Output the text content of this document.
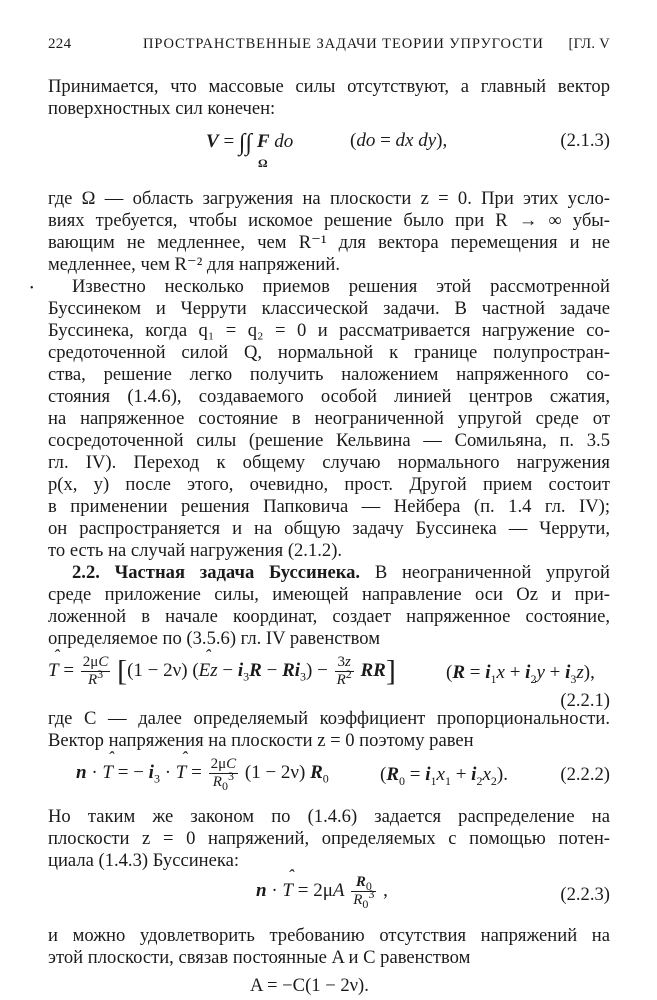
224	ПРОСТРАНСТВЕННЫЕ ЗАДАЧИ ТЕОРИИ УПРУГОСТИ [ГЛ. V
Принимается, что массовые силы отсутствуют, а главный вектор
поверхностных сил конечен:
V = ∫∫ F do
Ω
(do = dx dy),	(2.1.3)
где Ω — область загружения на плоскости z = 0. При этих усло-
виях требуется, чтобы искомое решение было при R → ∞ убы-
вающим не медленнее, чем R⁻¹ для вектора перемещения и не
медленнее, чем R⁻² для напряжений.
•	Известно несколько приемов решения этой рассмотренной
Буссинеком и Черрути классической задачи. В частной задаче
Буссинека, когда q₁ = q₂ = 0 и рассматривается нагружение со-
средоточенной силой Q, нормальной к границе полупростран-
ства, решение легко получить наложением напряженного со-
стояния (1.4.6), создаваемого особой линией центров сжатия,
на напряженное состояние в неограниченной упругой среде от
сосредоточенной силы (решение Кельвина — Сомильяна, п. 3.5
гл. IV). Переход к общему случаю нормального нагружения
p(x, y) после этого, очевидно, прост. Другой прием состоит
в применении решения Папковича — Нейбера (п. 1.4 гл. IV);
он распространяется и на общую задачу Буссинека — Черрути,
то есть на случай нагружения (2.1.2).
2.2. Частная задача Буссинека. В неограниченной упругой
среде приложение силы, имеющей направление оси Oz и при-
ложенной в начале координат, создает напряженное состояние,
определяемое по (3.5.6) гл. IV равенством
̂ $T = \frac{2\mu C}{R^3} [(1 - 2\nu)$ (̂ $Ez - i_3R - Ri_3) - \frac{3z}{R^2} RR$]	$(R = i_1x + i_2y + i_3z)$,
(2.2.1)
где C — далее определяемый коэффициент пропорциональности.
Вектор напряжения на плоскости z = 0 поэтому равен
n · ̂ T = − $i_3$ · ̂ $T = \frac{2\mu C}{R_0^3} (1 - 2\nu)$ $R_0$	$(R_0 = i_1x_1 + i_2x_2)$.	(2.2.2)
Но таким же законом по (1.4.6) задается распределение на
плоскости z = 0 напряжений, определяемых с помощью потен-
циала (1.4.3) Буссинека:
n · ̂ $T = 2\mu A \frac{R_0}{R_0^3}$ ,	(2.2.3)
и можно удовлетворить требованию отсутствия напряжений на
этой плоскости, связав постоянные A и C равенством
A = −C(1 − 2ν).
